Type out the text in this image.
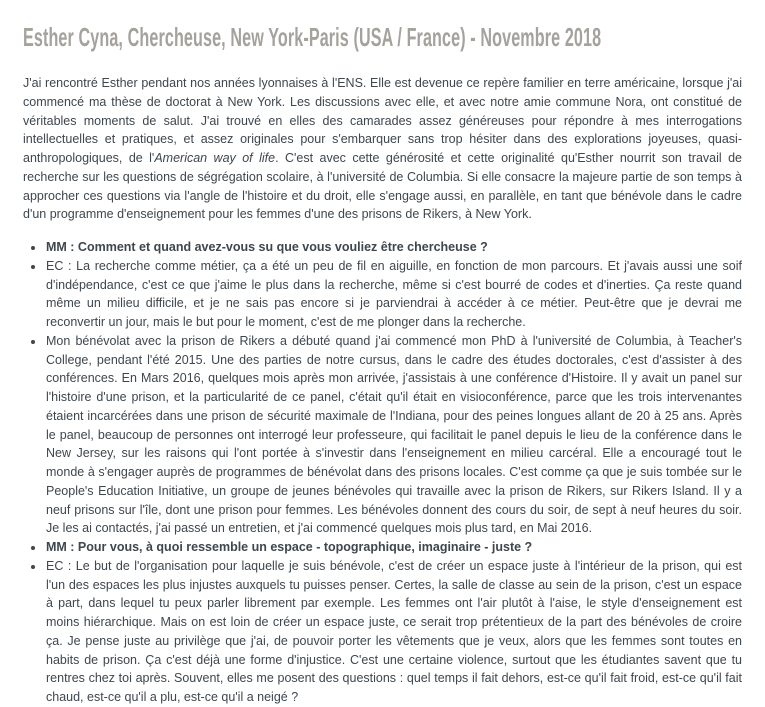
Esther Cyna, Chercheuse, New York-Paris (USA / France) - Novembre 2018

J'ai rencontré Esther pendant nos années lyonnaises à l'ENS. Elle est devenue ce repère familier en terre américaine, lorsque j'ai commencé ma thèse de doctorat à New York. Les discussions avec elle, et avec notre amie commune Nora, ont constitué de véritables moments de salut. J'ai trouvé en elles des camarades assez généreuses pour répondre à mes interrogations intellectuelles et pratiques, et assez originales pour s'embarquer sans trop hésiter dans des explorations joyeuses, quasi-anthropologiques, de l'American way of life. C'est avec cette générosité et cette originalité qu'Esther nourrit son travail de recherche sur les questions de ségrégation scolaire, à l'université de Columbia. Si elle consacre la majeure partie de son temps à approcher ces questions via l'angle de l'histoire et du droit, elle s'engage aussi, en parallèle, en tant que bénévole dans le cadre d'un programme d'enseignement pour les femmes d'une des prisons de Rikers, à New York.

• MM : Comment et quand avez-vous su que vous vouliez être chercheuse ?
• EC : La recherche comme métier, ça a été un peu de fil en aiguille, en fonction de mon parcours. Et j'avais aussi une soif d'indépendance, c'est ce que j'aime le plus dans la recherche, même si c'est bourré de codes et d'inerties. Ça reste quand même un milieu difficile, et je ne sais pas encore si je parviendrai à accéder à ce métier. Peut-être que je devrai me reconvertir un jour, mais le but pour le moment, c'est de me plonger dans la recherche.
• Mon bénévolat avec la prison de Rikers a débuté quand j'ai commencé mon PhD à l'université de Columbia, à Teacher's College, pendant l'été 2015. Une des parties de notre cursus, dans le cadre des études doctorales, c'est d'assister à des conférences. En Mars 2016, quelques mois après mon arrivée, j'assistais à une conférence d'Histoire. Il y avait un panel sur l'histoire d'une prison, et la particularité de ce panel, c'était qu'il était en visioconférence, parce que les trois intervenantes étaient incarcérées dans une prison de sécurité maximale de l'Indiana, pour des peines longues allant de 20 à 25 ans. Après le panel, beaucoup de personnes ont interrogé leur professeure, qui facilitait le panel depuis le lieu de la conférence dans le New Jersey, sur les raisons qui l'ont portée à s'investir dans l'enseignement en milieu carcéral. Elle a encouragé tout le monde à s'engager auprès de programmes de bénévolat dans des prisons locales. C'est comme ça que je suis tombée sur le People's Education Initiative, un groupe de jeunes bénévoles qui travaille avec la prison de Rikers, sur Rikers Island. Il y a neuf prisons sur l'île, dont une prison pour femmes. Les bénévoles donnent des cours du soir, de sept à neuf heures du soir. Je les ai contactés, j'ai passé un entretien, et j'ai commencé quelques mois plus tard, en Mai 2016.
• MM : Pour vous, à quoi ressemble un espace - topographique, imaginaire - juste ?
• EC : Le but de l'organisation pour laquelle je suis bénévole, c'est de créer un espace juste à l'intérieur de la prison, qui est l'un des espaces les plus injustes auxquels tu puisses penser. Certes, la salle de classe au sein de la prison, c'est un espace à part, dans lequel tu peux parler librement par exemple. Les femmes ont l'air plutôt à l'aise, le style d'enseignement est moins hiérarchique. Mais on est loin de créer un espace juste, ce serait trop prétentieux de la part des bénévoles de croire ça. Je pense juste au privilège que j'ai, de pouvoir porter les vêtements que je veux, alors que les femmes sont toutes en habits de prison. Ça c'est déjà une forme d'injustice. C'est une certaine violence, surtout que les étudiantes savent que tu rentres chez toi après. Souvent, elles me posent des questions : quel temps il fait dehors, est-ce qu'il fait froid, est-ce qu'il fait chaud, est-ce qu'il a plu, est-ce qu'il a neigé ?
